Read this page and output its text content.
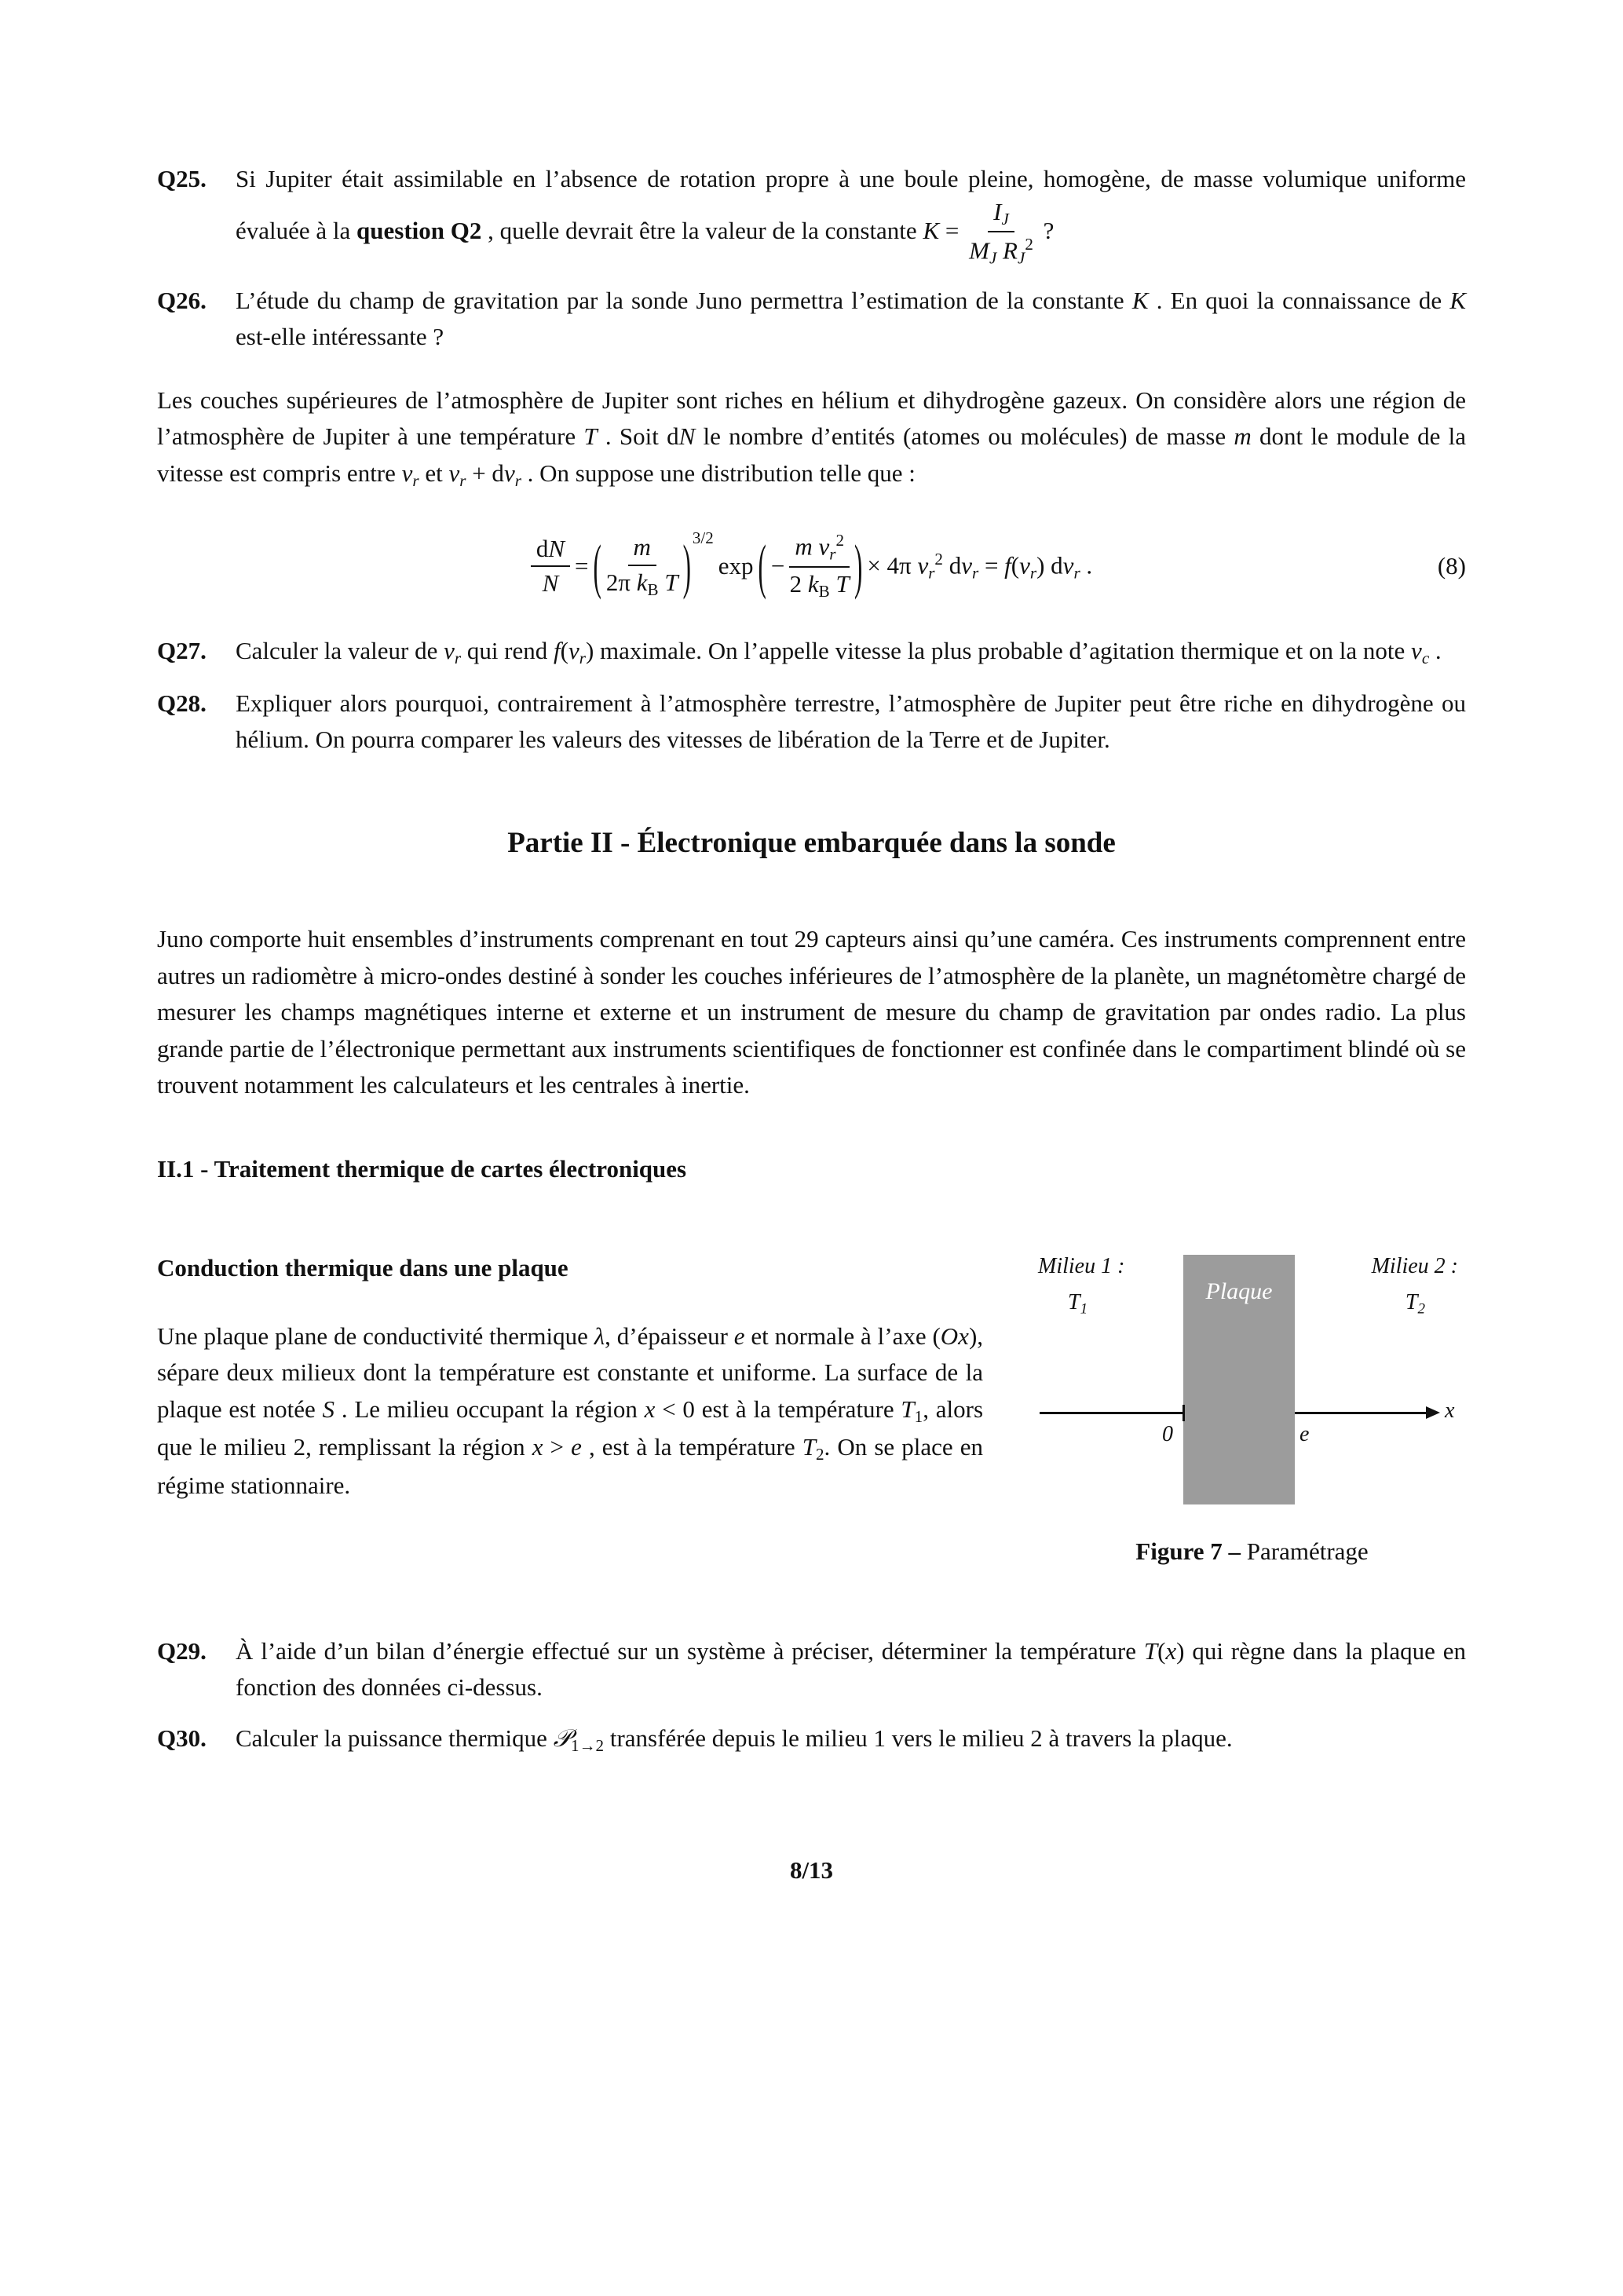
Q25.	Si Jupiter était assimilable en l’absence de rotation propre à une boule pleine, homogène, de masse volumique uniforme évaluée à la question Q2 , quelle devrait être la valeur de la constante $K = \frac{IJ}{MJ RJ^2}$ ?
Q26.	L’étude du champ de gravitation par la sonde Juno permettra l’estimation de la constante K . En quoi la connaissance de K est-elle intéressante ?
Les couches supérieures de l’atmosphère de Jupiter sont riches en hélium et dihydrogène gazeux. On considère alors une région de l’atmosphère de Jupiter à une température T . Soit dN le nombre d’entités (atomes ou molécules) de masse m dont le module de la vitesse est compris entre vr et vr + dvr . On suppose une distribution telle que :
$\frac{dN}{N}$ = ( $\frac{m}{\text{2π kB T}}$ ) 3/2
exp ( − $\frac{m vr^2}{\text{2 kB T}}$ ) × 4π $vr^2$ dvr = f(vr) dvr .	(8)
Q27.	Calculer la valeur de vr qui rend f(vr) maximale. On l’appelle vitesse la plus probable d’agitation thermique et on la note vc .
Q28.	Expliquer alors pourquoi, contrairement à l’atmosphère terrestre, l’atmosphère de Jupiter peut être riche en dihydrogène ou hélium. On pourra comparer les valeurs des vitesses de libération de la Terre et de Jupiter.
Partie II - Électronique embarquée dans la sonde
Juno comporte huit ensembles d’instruments comprenant en tout 29 capteurs ainsi qu’une caméra. Ces instruments comprennent entre autres un radiomètre à micro-ondes destiné à sonder les couches inférieures de l’atmosphère de la planète, un magnétomètre chargé de mesurer les champs magnétiques interne et externe et un instrument de mesure du champ de gravitation par ondes radio. La plus grande partie de l’électronique permettant aux instruments scientifiques de fonctionner est confinée dans le compartiment blindé où se trouvent notamment les calculateurs et les centrales à inertie.
II.1 - Traitement thermique de cartes électroniques
Conduction thermique dans une plaque
Une plaque plane de conductivité thermique λ, d’épaisseur e et normale à l’axe (Ox), sépare deux milieux dont la température est constante et uniforme. La surface de la plaque est notée S . Le milieu occupant la région x < 0 est à la température T1, alors que le milieu 2, remplissant la région x > e , est à la température T2. On se place en régime stationnaire.
Plaque
Milieu 1 :
T1
Milieu 2 :
T2
0	e
x
Figure 7 – Paramétrage
Q29.	À l’aide d’un bilan d’énergie effectué sur un système à préciser, déterminer la température T(x) qui règne dans la plaque en fonction des données ci-dessus.
Q30.	Calculer la puissance thermique 𝒫1→2 transférée depuis le milieu 1 vers le milieu 2 à travers la plaque.
8/13
